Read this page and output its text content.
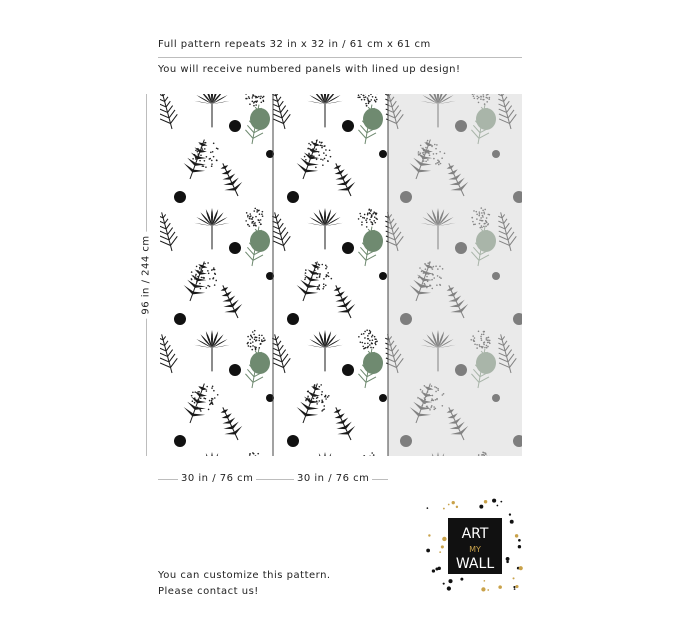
Full pattern repeats 32 in x 32 in / 61 cm x 61 cm
You will receive numbered panels with lined up design!
96 in / 244 cm
30 in / 76 cm	30 in / 76 cm
You can customize this pattern.
Please contact us!
ART
MY
WALL
